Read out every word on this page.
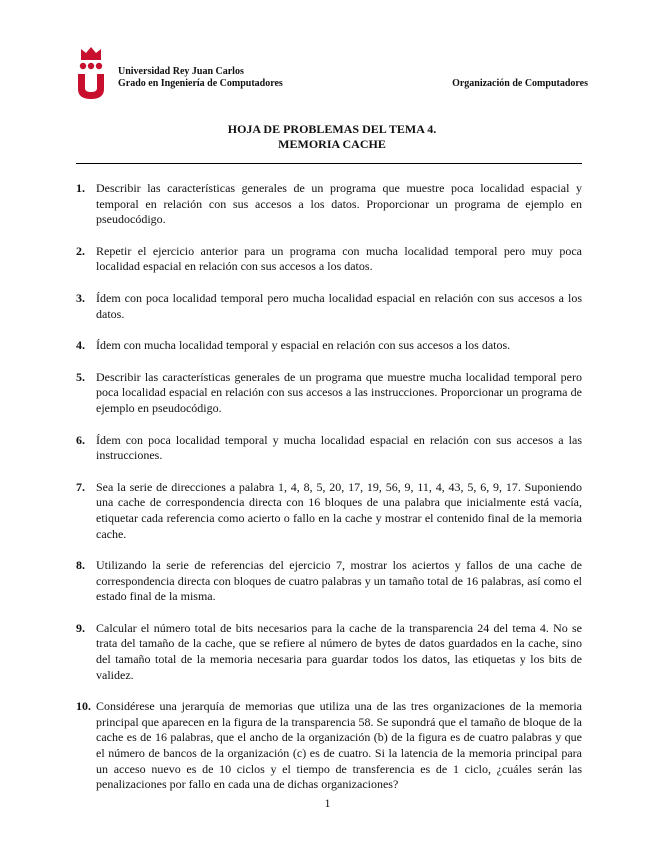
Universidad Rey Juan Carlos
Grado en Ingeniería de Computadores	Organización de Computadores
HOJA DE PROBLEMAS DEL TEMA 4.
MEMORIA CACHE
1. Describir las características generales de un programa que muestre poca localidad espacial y temporal en relación con sus accesos a los datos. Proporcionar un programa de ejemplo en pseudocódigo.
2. Repetir el ejercicio anterior para un programa con mucha localidad temporal pero muy poca localidad espacial en relación con sus accesos a los datos.
3. Ídem con poca localidad temporal pero mucha localidad espacial en relación con sus accesos a los datos.
4. Ídem con mucha localidad temporal y espacial en relación con sus accesos a los datos.
5. Describir las características generales de un programa que muestre mucha localidad temporal pero poca localidad espacial en relación con sus accesos a las instrucciones. Proporcionar un programa de ejemplo en pseudocódigo.
6. Ídem con poca localidad temporal y mucha localidad espacial en relación con sus accesos a las instrucciones.
7. Sea la serie de direcciones a palabra 1, 4, 8, 5, 20, 17, 19, 56, 9, 11, 4, 43, 5, 6, 9, 17. Suponiendo una cache de correspondencia directa con 16 bloques de una palabra que inicialmente está vacía, etiquetar cada referencia como acierto o fallo en la cache y mostrar el contenido final de la memoria cache.
8. Utilizando la serie de referencias del ejercicio 7, mostrar los aciertos y fallos de una cache de correspondencia directa con bloques de cuatro palabras y un tamaño total de 16 palabras, así como el estado final de la misma.
9. Calcular el número total de bits necesarios para la cache de la transparencia 24 del tema 4. No se trata del tamaño de la cache, que se refiere al número de bytes de datos guardados en la cache, sino del tamaño total de la memoria necesaria para guardar todos los datos, las etiquetas y los bits de validez.
10. Considérese una jerarquía de memorias que utiliza una de las tres organizaciones de la memoria principal que aparecen en la figura de la transparencia 58. Se supondrá que el tamaño de bloque de la cache es de 16 palabras, que el ancho de la organización (b) de la figura es de cuatro palabras y que el número de bancos de la organización (c) es de cuatro. Si la latencia de la memoria principal para un acceso nuevo es de 10 ciclos y el tiempo de transferencia es de 1 ciclo, ¿cuáles serán las penalizaciones por fallo en cada una de dichas organizaciones?
1
